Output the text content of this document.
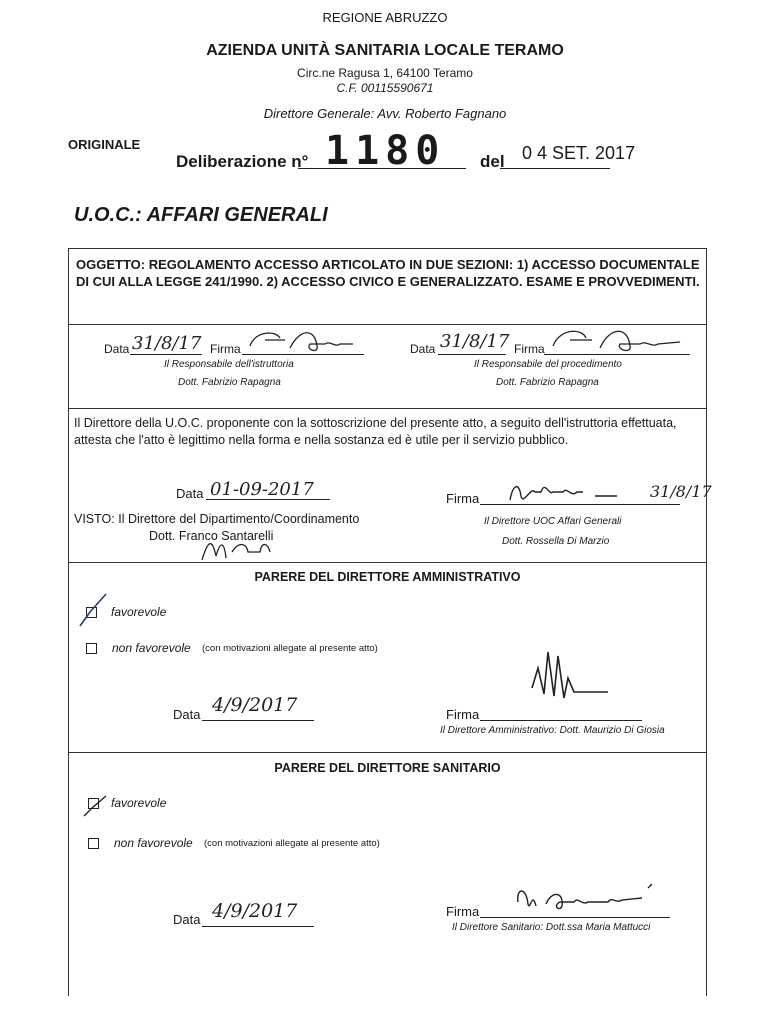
REGIONE ABRUZZO
AZIENDA UNITÀ SANITARIA LOCALE TERAMO
Circ.ne Ragusa 1, 64100 Teramo
C.F. 00115590671
Direttore Generale: Avv. Roberto Fagnano
ORIGINALE
Deliberazione n° 1180 del 0 4 SET. 2017
U.O.C.: AFFARI GENERALI
OGGETTO: REGOLAMENTO ACCESSO ARTICOLATO IN DUE SEZIONI: 1) ACCESSO DOCUMENTALE DI CUI ALLA LEGGE 241/1990. 2) ACCESSO CIVICO E GENERALIZZATO. ESAME E PROVVEDIMENTI.
Data 31/8/17 Firma
Il Responsabile dell'istruttoria
Dott. Fabrizio Rapagna
Data 31/8/17 Firma
Il Responsabile del procedimento
Dott. Fabrizio Rapagna
Il Direttore della U.O.C. proponente con la sottoscrizione del presente atto, a seguito dell'istruttoria effettuata, attesta che l'atto è legittimo nella forma e nella sostanza ed è utile per il servizio pubblico.
Data 01-09-2017	Firma	31/8/17
VISTO: Il Direttore del Dipartimento/Coordinamento
Dott. Franco Santarelli
Il Direttore UOC Affari Generali
Dott. Rossella Di Marzio
PARERE DEL DIRETTORE AMMINISTRATIVO
favorevole
non favorevole (con motivazioni allegate al presente atto)
Data 4/9/2017	Firma
Il Direttore Amministrativo: Dott. Maurizio Di Giosia
PARERE DEL DIRETTORE SANITARIO
favorevole
non favorevole (con motivazioni allegate al presente atto)
Data 4/9/2017	Firma
Il Direttore Sanitario: Dott.ssa Maria Mattucci
